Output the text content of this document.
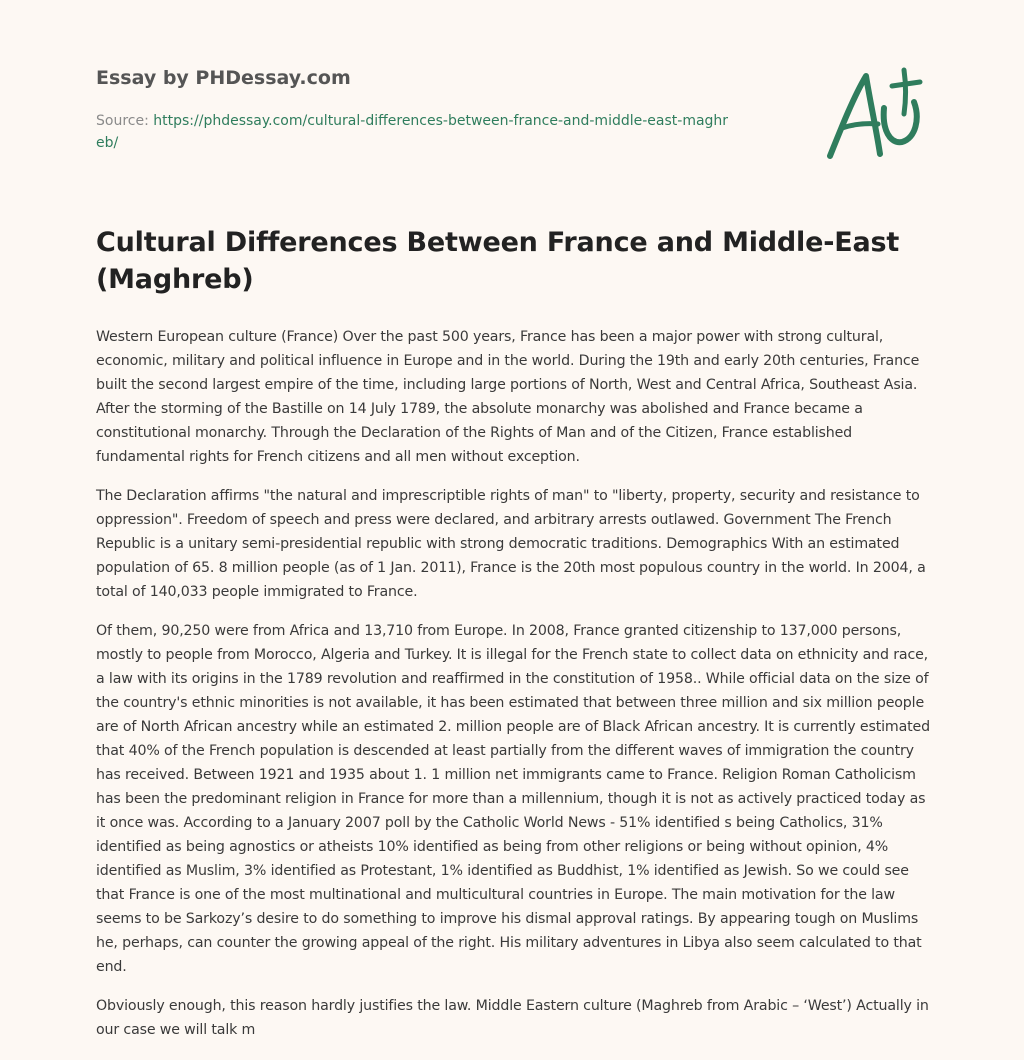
Essay by PHDessay.com
Source: https://phdessay.com/cultural-differences-between-france-and-middle-east-maghreb/
Cultural Differences Between France and Middle-East (Maghreb)

Western European culture (France) Over the past 500 years, France has been a major power with strong cultural, economic, military and political influence in Europe and in the world. During the 19th and early 20th centuries, France built the second largest empire of the time, including large portions of North, West and Central Africa, Southeast Asia. After the storming of the Bastille on 14 July 1789, the absolute monarchy was abolished and France became a constitutional monarchy. Through the Declaration of the Rights of Man and of the Citizen, France established fundamental rights for French citizens and all men without exception.

The Declaration affirms "the natural and imprescriptible rights of man" to "liberty, property, security and resistance to oppression". Freedom of speech and press were declared, and arbitrary arrests outlawed. Government The French Republic is a unitary semi-presidential republic with strong democratic traditions. Demographics With an estimated population of 65. 8 million people (as of 1 Jan. 2011), France is the 20th most populous country in the world. In 2004, a total of 140,033 people immigrated to France.

Of them, 90,250 were from Africa and 13,710 from Europe. In 2008, France granted citizenship to 137,000 persons, mostly to people from Morocco, Algeria and Turkey. It is illegal for the French state to collect data on ethnicity and race, a law with its origins in the 1789 revolution and reaffirmed in the constitution of 1958.. While official data on the size of the country's ethnic minorities is not available, it has been estimated that between three million and six million people are of North African ancestry while an estimated 2. million people are of Black African ancestry. It is currently estimated that 40% of the French population is descended at least partially from the different waves of immigration the country has received. Between 1921 and 1935 about 1. 1 million net immigrants came to France. Religion Roman Catholicism has been the predominant religion in France for more than a millennium, though it is not as actively practiced today as it once was. According to a January 2007 poll by the Catholic World News - 51% identified s being Catholics, 31% identified as being agnostics or atheists 10% identified as being from other religions or being without opinion, 4% identified as Muslim, 3% identified as Protestant, 1% identified as Buddhist, 1% identified as Jewish. So we could see that France is one of the most multinational and multicultural countries in Europe. The main motivation for the law seems to be Sarkozy’s desire to do something to improve his dismal approval ratings. By appearing tough on Muslims he, perhaps, can counter the growing appeal of the right. His military adventures in Libya also seem calculated to that end.

Obviously enough, this reason hardly justifies the law. Middle Eastern culture (Maghreb from Arabic – ‘West’) Actually in our case we will talk m
